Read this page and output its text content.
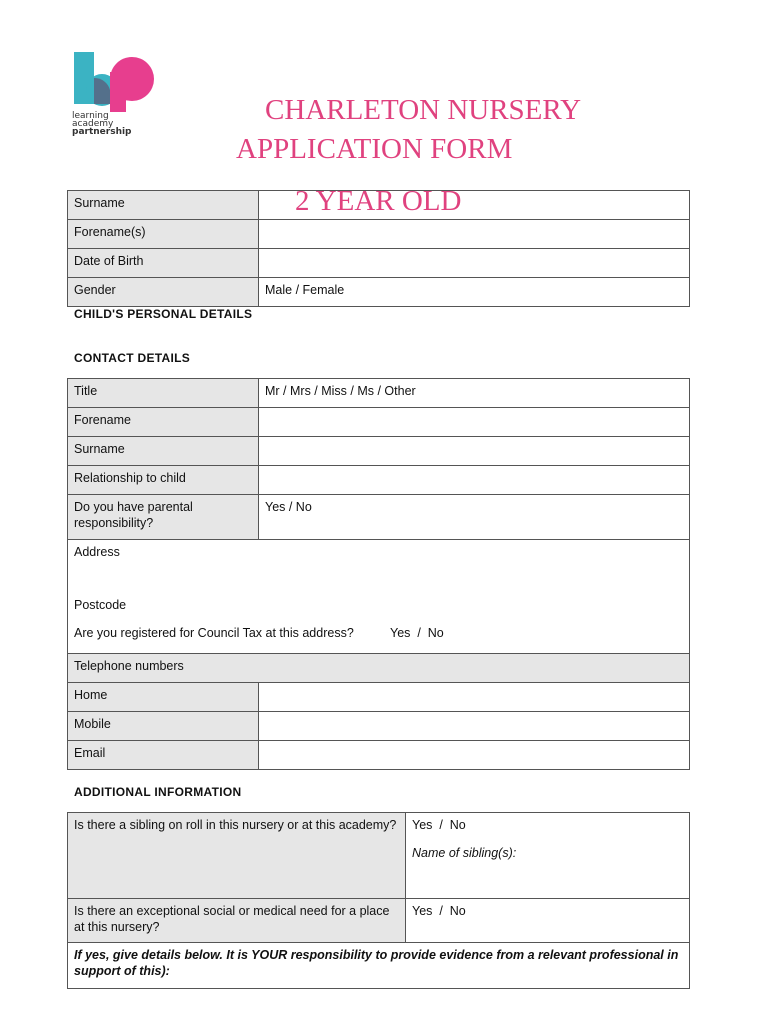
learning
academy
partnership
CHARLETON NURSERY
APPLICATION FORM
Surname	
Forename(s)	
Date of Birth	
Gender	Male / Female
2 YEAR OLD
CHILD'S PERSONAL DETAILS
CONTACT DETAILS
Title	Mr / Mrs / Miss / Ms / Other
Forename	
Surname	
Relationship to child	
Do you have parental responsibility?	Yes / No

Address
Postcode
Are you registered for Council Tax at this address? Yes  /  No	

Telephone numbers	
Home	
Mobile	
Email	
ADDITIONAL INFORMATION
Is there a sibling on roll in this nursery or at this academy?	Yes  /  No
Name of sibling(s):

Is there an exceptional social or medical need for a place at this nursery?	Yes  /  No
If yes, give details below. It is YOUR responsibility to provide evidence from a relevant professional in support of this):	
